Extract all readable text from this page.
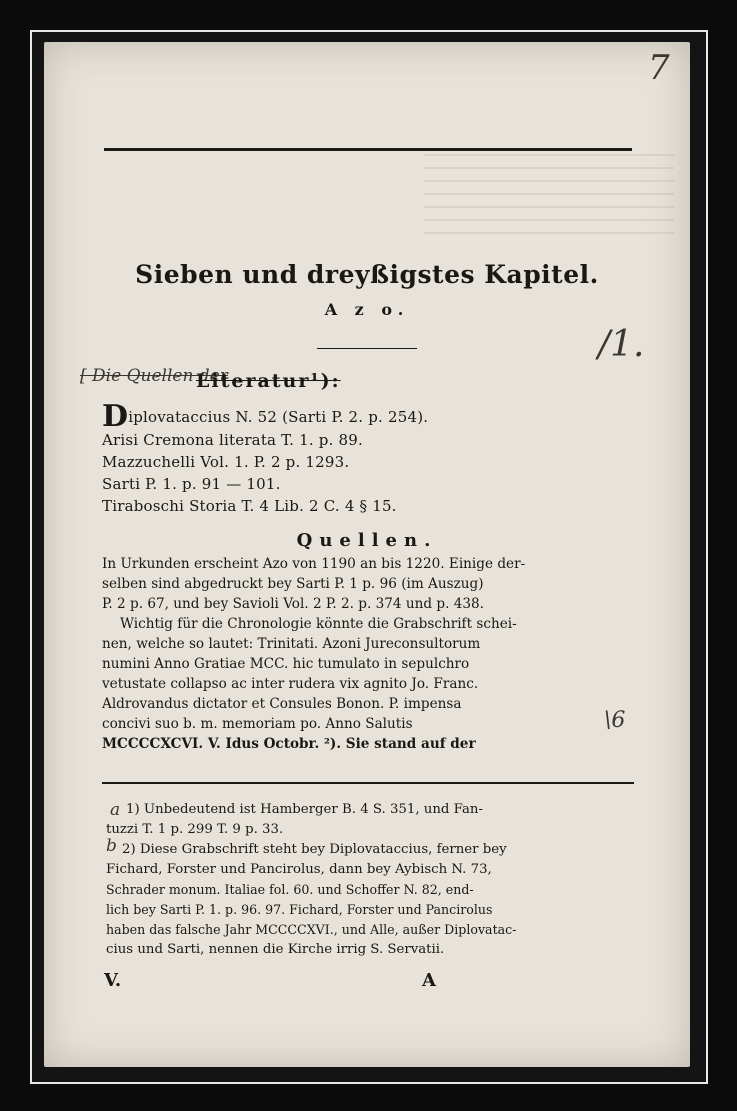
7
Sieben und dreyßigstes Kapitel.
A z o.
[ Die Quellen der
Literatur¹):
Diplovataccius N. 52 (Sarti P. 2. p. 254).
Arisi Cremona literata T. 1. p. 89.
Mazzuchelli Vol. 1. P. 2 p. 1293.
Sarti P. 1. p. 91 — 101.
Tiraboschi Storia T. 4 Lib. 2 C. 4 § 15.
Quellen.
In Urkunden erscheint Azo von 1190 an bis 1220. Einige der-
selben sind abgedruckt bey Sarti P. 1 p. 96 (im Auszug)
P. 2 p. 67, und bey Savioli Vol. 2 P. 2. p. 374 und p. 438.
Wichtig für die Chronologie könnte die Grabschrift schei-
nen, welche so lautet: Trinitati. Azoni Jureconsultorum
numini Anno Gratiae MCC. hic tumulato in sepulchro
vetustate collapso ac inter rudera vix agnito Jo. Franc.
Aldrovandus dictator et Consules Bonon. P. impensa
concivi suo b. m. memoriam po. Anno Salutis
MCCCCXCVI. V. Idus Octobr. ²). Sie stand auf der
a 1) Unbedeutend ist Hamberger B. 4 S. 351, und Fan-
tuzzi T. 1 p. 299 T. 9 p. 33.
b 2) Diese Grabschrift steht bey Diplovataccius, ferner bey
Fichard, Forster und Pancirolus, dann bey Aybisch N. 73,
Schrader monum. Italiae fol. 60. und Schoffer N. 82, end-
lich bey Sarti P. 1. p. 96. 97. Fichard, Forster und Pancirolus
haben das falsche Jahr MCCCCXVI., und Alle, außer Diplovatac-
cius und Sarti, nennen die Kirche irrig S. Servatii.
V.	A
/1.
\6
